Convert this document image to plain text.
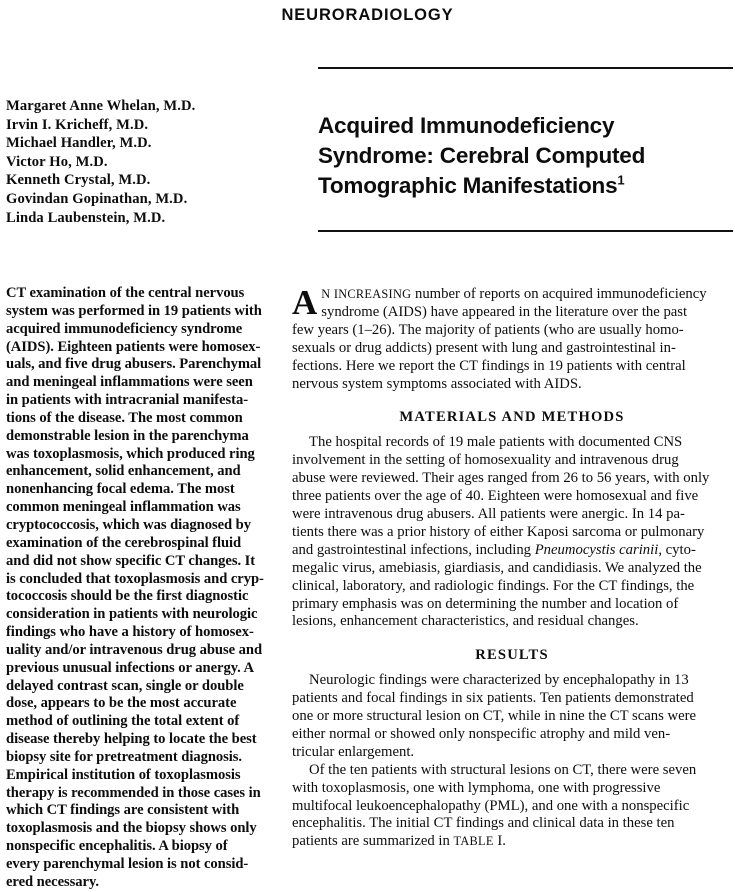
NEURORADIOLOGY
Margaret Anne Whelan, M.D.
Irvin I. Kricheff, M.D.
Michael Handler, M.D.
Victor Ho, M.D.
Kenneth Crystal, M.D.
Govindan Gopinathan, M.D.
Linda Laubenstein, M.D.
Acquired Immunodeficiency
Syndrome: Cerebral Computed
Tomographic Manifestations$^1$
CT examination of the central nervous
system was performed in 19 patients with
acquired immunodeficiency syndrome
(AIDS). Eighteen patients were homosex-
uals, and five drug abusers. Parenchymal
and meningeal inflammations were seen
in patients with intracranial manifesta-
tions of the disease. The most common
demonstrable lesion in the parenchyma
was toxoplasmosis, which produced ring
enhancement, solid enhancement, and
nonenhancing focal edema. The most
common meningeal inflammation was
cryptococcosis, which was diagnosed by
examination of the cerebrospinal fluid
and did not show specific CT changes. It
is concluded that toxoplasmosis and cryp-
tococcosis should be the first diagnostic
consideration in patients with neurologic
findings who have a history of homosex-
uality and/or intravenous drug abuse and
previous unusual infections or anergy. A
delayed contrast scan, single or double
dose, appears to be the most accurate
method of outlining the total extent of
disease thereby helping to locate the best
biopsy site for pretreatment diagnosis.
Empirical institution of toxoplasmosis
therapy is recommended in those cases in
which CT findings are consistent with
toxoplasmosis and the biopsy shows only
nonspecific encephalitis. A biopsy of
every parenchymal lesion is not consid-
ered necessary.

A N INCREASING number of reports on acquired immunodeficiency
syndrome (AIDS) have appeared in the literature over the past
few years (1–26). The majority of patients (who are usually homo-
sexuals or drug addicts) present with lung and gastrointestinal in-
fections. Here we report the CT findings in 19 patients with central
nervous system symptoms associated with AIDS.

MATERIALS AND METHODS

The hospital records of 19 male patients with documented CNS
involvement in the setting of homosexuality and intravenous drug
abuse were reviewed. Their ages ranged from 26 to 56 years, with only
three patients over the age of 40. Eighteen were homosexual and five
were intravenous drug abusers. All patients were anergic. In 14 pa-
tients there was a prior history of either Kaposi sarcoma or pulmonary
and gastrointestinal infections, including Pneumocystis carinii, cyto-
megalic virus, amebiasis, giardiasis, and candidiasis. We analyzed the
clinical, laboratory, and radiologic findings. For the CT findings, the
primary emphasis was on determining the number and location of
lesions, enhancement characteristics, and residual changes.

RESULTS

Neurologic findings were characterized by encephalopathy in 13
patients and focal findings in six patients. Ten patients demonstrated
one or more structural lesion on CT, while in nine the CT scans were
either normal or showed only nonspecific atrophy and mild ven-
tricular enlargement.

Of the ten patients with structural lesions on CT, there were seven
with toxoplasmosis, one with lymphoma, one with progressive
multifocal leukoencephalopathy (PML), and one with a nonspecific
encephalitis. The initial CT findings and clinical data in these ten
patients are summarized in TABLE I.
